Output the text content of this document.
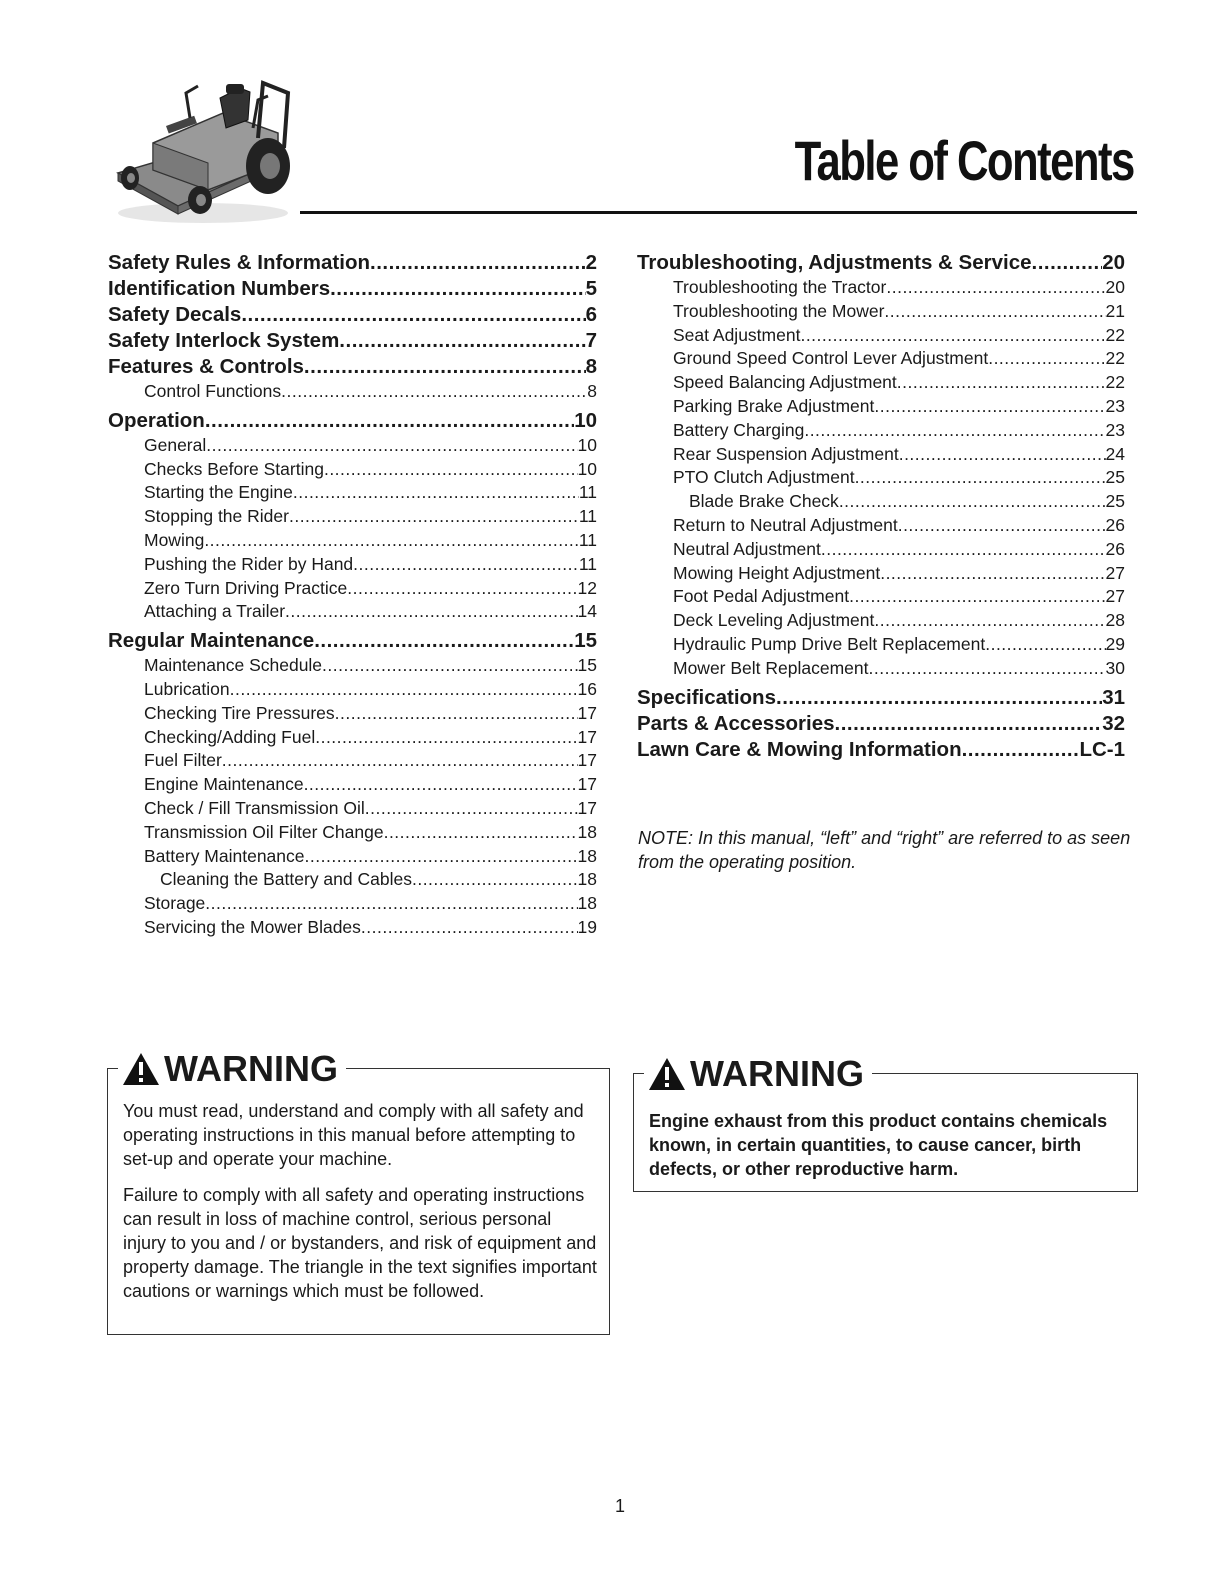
Table of Contents
Safety Rules & Information .....	2
Identification Numbers .....	5
Safety Decals .....	6
Safety Interlock System .....	7
Features & Controls .....	8
Control Functions .....	8
Operation .....	10
General .....	10
Checks Before Starting .....	10
Starting the Engine .....	11
Stopping the Rider .....	11
Mowing .....	11
Pushing the Rider by Hand .....	11
Zero Turn Driving Practice .....	12
Attaching a Trailer .....	14
Regular Maintenance .....	15
Maintenance Schedule .....	15
Lubrication .....	16
Checking Tire Pressures .....	17
Checking/Adding Fuel .....	17
Fuel Filter .....	17
Engine Maintenance .....	17
Check / Fill Transmission Oil .....	17
Transmission Oil Filter Change .....	18
Battery Maintenance .....	18
Cleaning the Battery and Cables .....	18
Storage .....	18
Servicing the Mower Blades .....	19
Troubleshooting, Adjustments & Service .....	20
Troubleshooting the Tractor .....	20
Troubleshooting the Mower .....	21
Seat Adjustment .....	22
Ground Speed Control Lever Adjustment .....	22
Speed Balancing Adjustment .....	22
Parking Brake Adjustment .....	23
Battery Charging .....	23
Rear Suspension Adjustment .....	24
PTO Clutch Adjustment .....	25
Blade Brake Check .....	25
Return to Neutral Adjustment .....	26
Neutral Adjustment .....	26
Mowing Height Adjustment .....	27
Foot Pedal Adjustment .....	27
Deck Leveling Adjustment .....	28
Hydraulic Pump Drive Belt Replacement .....	29
Mower Belt Replacement .....	30
Specifications .....	31
Parts & Accessories .....	32
Lawn Care & Mowing Information .....	LC-1

NOTE: In this manual, “left” and “right” are referred to as seen from the operating position.

WARNING

You must read, understand and comply with all safety and operating instructions in this manual before attempting to set-up and operate your machine.

Failure to comply with all safety and operating instructions can result in loss of machine control, serious personal injury to you and / or bystanders, and risk of equipment and property damage. The triangle in the text signifies important cautions or warnings which must be followed.

WARNING

Engine exhaust from this product contains chemicals known, in certain quantities, to cause cancer, birth defects, or other reproductive harm.

1
